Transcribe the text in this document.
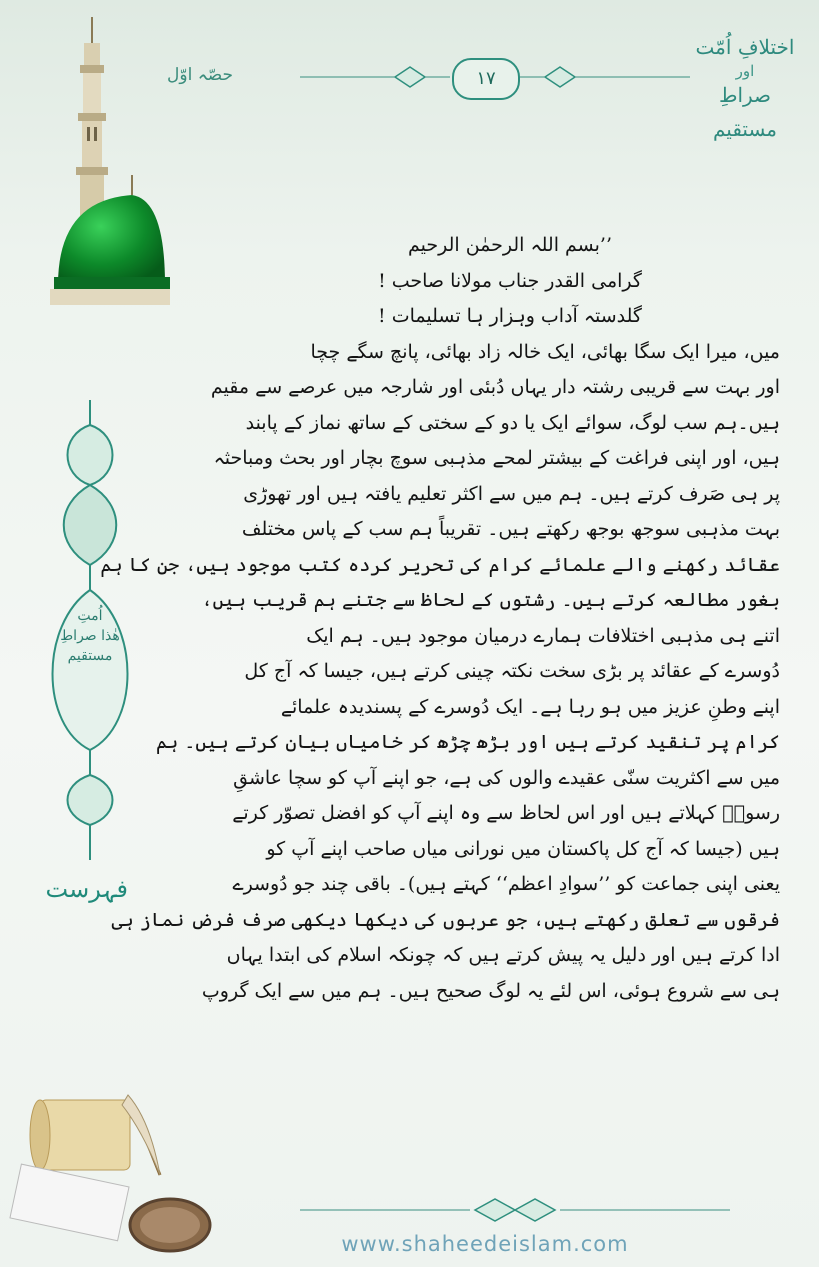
اختلافِ اُمّت
اور
صراطِ مستقیم
حصّہ اوّل	۱۷
اُمتِ
ھٰذا صراطِ مستقیم
فہرست
’’بسم اللہ الرحمٰن الرحیم
گرامی القدر جناب مولانا صاحب !
گلدستہ آداب وہزار ہا تسلیمات !
میں، میرا ایک سگا بھائی، ایک خالہ زاد بھائی، پانچ سگے چچا
اور بہت سے قریبی رشتہ دار یہاں دُبئی اور شارجہ میں عرصے سے مقیم
ہیں۔ہم سب لوگ، سوائے ایک یا دو کے سختی کے ساتھ نماز کے پابند
ہیں، اور اپنی فراغت کے بیشتر لمحے مذہبی سوچ بچار اور بحث ومباحثہ
پر ہی صَرف کرتے ہیں۔ ہم میں سے اکثر تعلیم یافتہ ہیں اور تھوڑی
بہت مذہبی سوجھ بوجھ رکھتے ہیں۔ تقریباً ہم سب کے پاس مختلف
عقائد رکھنے والے علمائے کرام کی تحریر کردہ کتب موجود ہیں، جن کا ہم
بغور مطالعہ کرتے ہیں۔ رشتوں کے لحاظ سے جتنے ہم قریب ہیں،
اتنے ہی مذہبی اختلافات ہمارے درمیان موجود ہیں۔ ہم ایک
دُوسرے کے عقائد پر بڑی سخت نکتہ چینی کرتے ہیں، جیسا کہ آج کل
اپنے وطنِ عزیز میں ہو رہا ہے۔ ایک دُوسرے کے پسندیدہ علمائے
کرام پر تنقید کرتے ہیں اور بڑھ چڑھ کر خامیاں بیان کرتے ہیں۔ ہم
میں سے اکثریت سنّی عقیدے والوں کی ہے، جو اپنے آپ کو سچا عاشقِ
رسولؐ کہلاتے ہیں اور اس لحاظ سے وہ اپنے آپ کو افضل تصوّر کرتے
ہیں (جیسا کہ آج کل پاکستان میں نورانی میاں صاحب اپنے آپ کو
یعنی اپنی جماعت کو ’’سوادِ اعظم‘‘ کہتے ہیں)۔ باقی چند جو دُوسرے
فرقوں سے تعلق رکھتے ہیں، جو عربوں کی دیکھا دیکھی صرف فرض نماز ہی
ادا کرتے ہیں اور دلیل یہ پیش کرتے ہیں کہ چونکہ اسلام کی ابتدا یہاں
ہی سے شروع ہوئی، اس لئے یہ لوگ صحیح ہیں۔ ہم میں سے ایک گروپ
www.shaheedeislam.com
